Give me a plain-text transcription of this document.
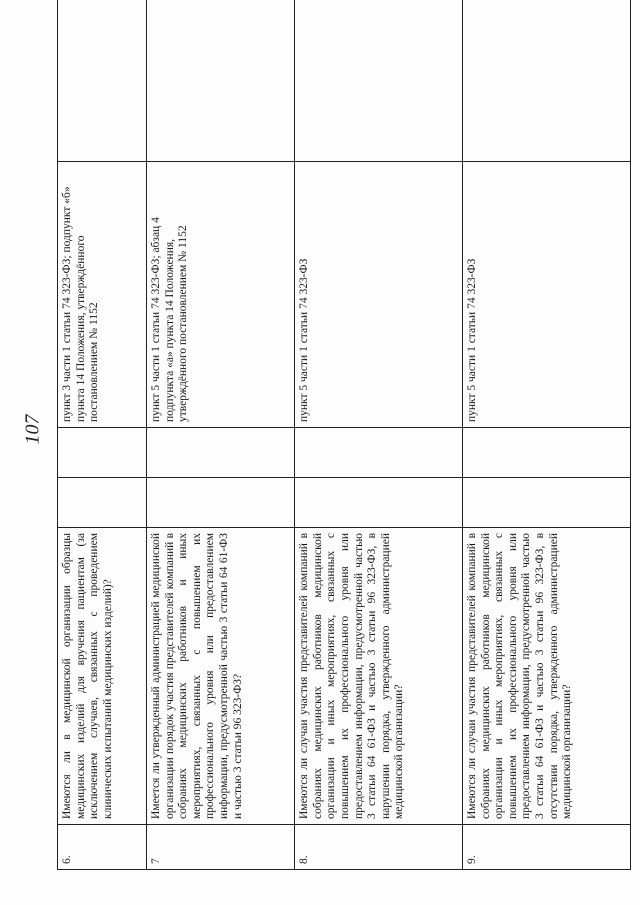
6.	Имеются ли в медицинской организации образцы медицинских изделий для вручения пациентам (за исключением случаев, связанных с проведением клинических испытаний медицинских изделий)?			пункт 3 части 1 статьи 74 323-ФЗ; подпункт «б» пункта 14 Положения, утверждённого постановлением № 1152	
7	Имеется ли утвержденный администрацией медицинской организации порядок участия представителей компаний в собраниях медицинских работников и иных мероприятиях, связанных с повышением их профессионального уровня или предоставлением информации, предусмотренной частью 3 статьи 64 61-ФЗ и частью 3 статьи 96 323-ФЗ?			пункт 5 части 1 статьи 74 323-ФЗ; абзац 4 подпункта «а» пункта 14 Положения, утверждённого постановлением № 1152	
8.	Имеются ли случаи участия представителей компаний в собраниях медицинских работников медицинской организации и иных мероприятиях, связанных с повышением их профессионального уровня или предоставлением информации, предусмотренной частью 3 статьи 64 61-ФЗ и частью 3 статьи 96 323-ФЗ, в нарушении порядка, утвержденного администрацией медицинской организации?			пункт 5 части 1 статьи 74 323-ФЗ	
9.	Имеются ли случаи участия представителей компаний в собраниях медицинских работников медицинской организации и иных мероприятиях, связанных с повышением их профессионального уровня или предоставлением информации, предусмотренной частью 3 статьи 64 61-ФЗ и частью 3 статьи 96 323-ФЗ, в отсутствии порядка, утвержденного администрацией медицинской организации?			пункт 5 части 1 статьи 74 323-ФЗ	
107
